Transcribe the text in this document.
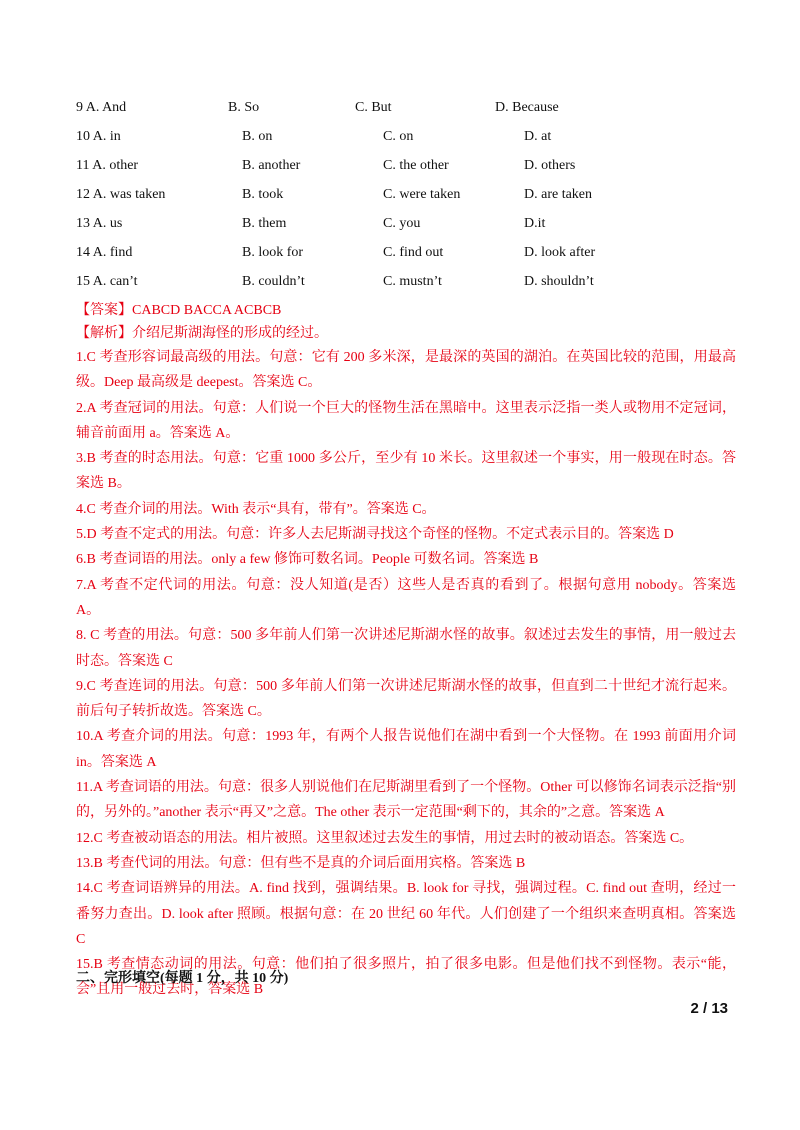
9 A. And	B. So	C. But	D. Because
10 A. in	B. on	C. on	D. at
11 A. other	B. another	C. the other	D. others
12 A. was taken	B. took	C. were taken	D. are taken
13 A. us	B. them	C. you	D.it
14 A. find	B. look for	C. find out	D. look after
15 A. can’t	B. couldn’t	C. mustn’t	D. shouldn’t
【答案】CABCD BACCA ACBCB
【解析】介绍尼斯湖海怪的形成的经过。

1.C 考查形容词最高级的用法。句意：它有 200 多米深，是最深的英国的湖泊。在英国比较的范围，用最高级。Deep 最高级是 deepest。答案选 C。

2.A 考查冠词的用法。句意：人们说一个巨大的怪物生活在黑暗中。这里表示泛指一类人或物用不定冠词，辅音前面用 a。答案选 A。

3.B 考查的时态用法。句意：它重 1000 多公斤，至少有 10 米长。这里叙述一个事实，用一般现在时态。答案选 B。

4.C 考查介词的用法。With 表示“具有，带有”。答案选 C。

5.D 考查不定式的用法。句意：许多人去尼斯湖寻找这个奇怪的怪物。不定式表示目的。答案选 D

6.B 考查词语的用法。only a few 修饰可数名词。People 可数名词。答案选 B

7.A 考查不定代词的用法。句意：没人知道(是否）这些人是否真的看到了。根据句意用 nobody。答案选 A。

8. C 考查的用法。句意：500 多年前人们第一次讲述尼斯湖水怪的故事。叙述过去发生的事情，用一般过去时态。答案选 C

9.C 考查连词的用法。句意：500 多年前人们第一次讲述尼斯湖水怪的故事，但直到二十世纪才流行起来。前后句子转折故选。答案选 C。

10.A 考查介词的用法。句意：1993 年，有两个人报告说他们在湖中看到一个大怪物。在 1993 前面用介词 in。答案选 A

11.A 考查词语的用法。句意：很多人别说他们在尼斯湖里看到了一个怪物。Other 可以修饰名词表示泛指“别的，另外的。”another 表示“再又”之意。The other 表示一定范围“剩下的，其余的”之意。答案选 A

12.C 考查被动语态的用法。相片被照。这里叙述过去发生的事情，用过去时的被动语态。答案选 C。

13.B 考查代词的用法。句意：但有些不是真的介词后面用宾格。答案选 B

14.C 考查词语辨异的用法。A. find 找到，强调结果。B. look for 寻找，强调过程。C. find out 查明，经过一番努力查出。D. look after 照顾。根据句意：在 20 世纪 60 年代。人们创建了一个组织来查明真相。答案选 C

15.B 考查情态动词的用法。句意：他们拍了很多照片，拍了很多电影。但是他们找不到怪物。表示“能，会”且用一般过去时，答案选 B

二、完形填空(每题 1 分，共 10 分)
2 / 13
